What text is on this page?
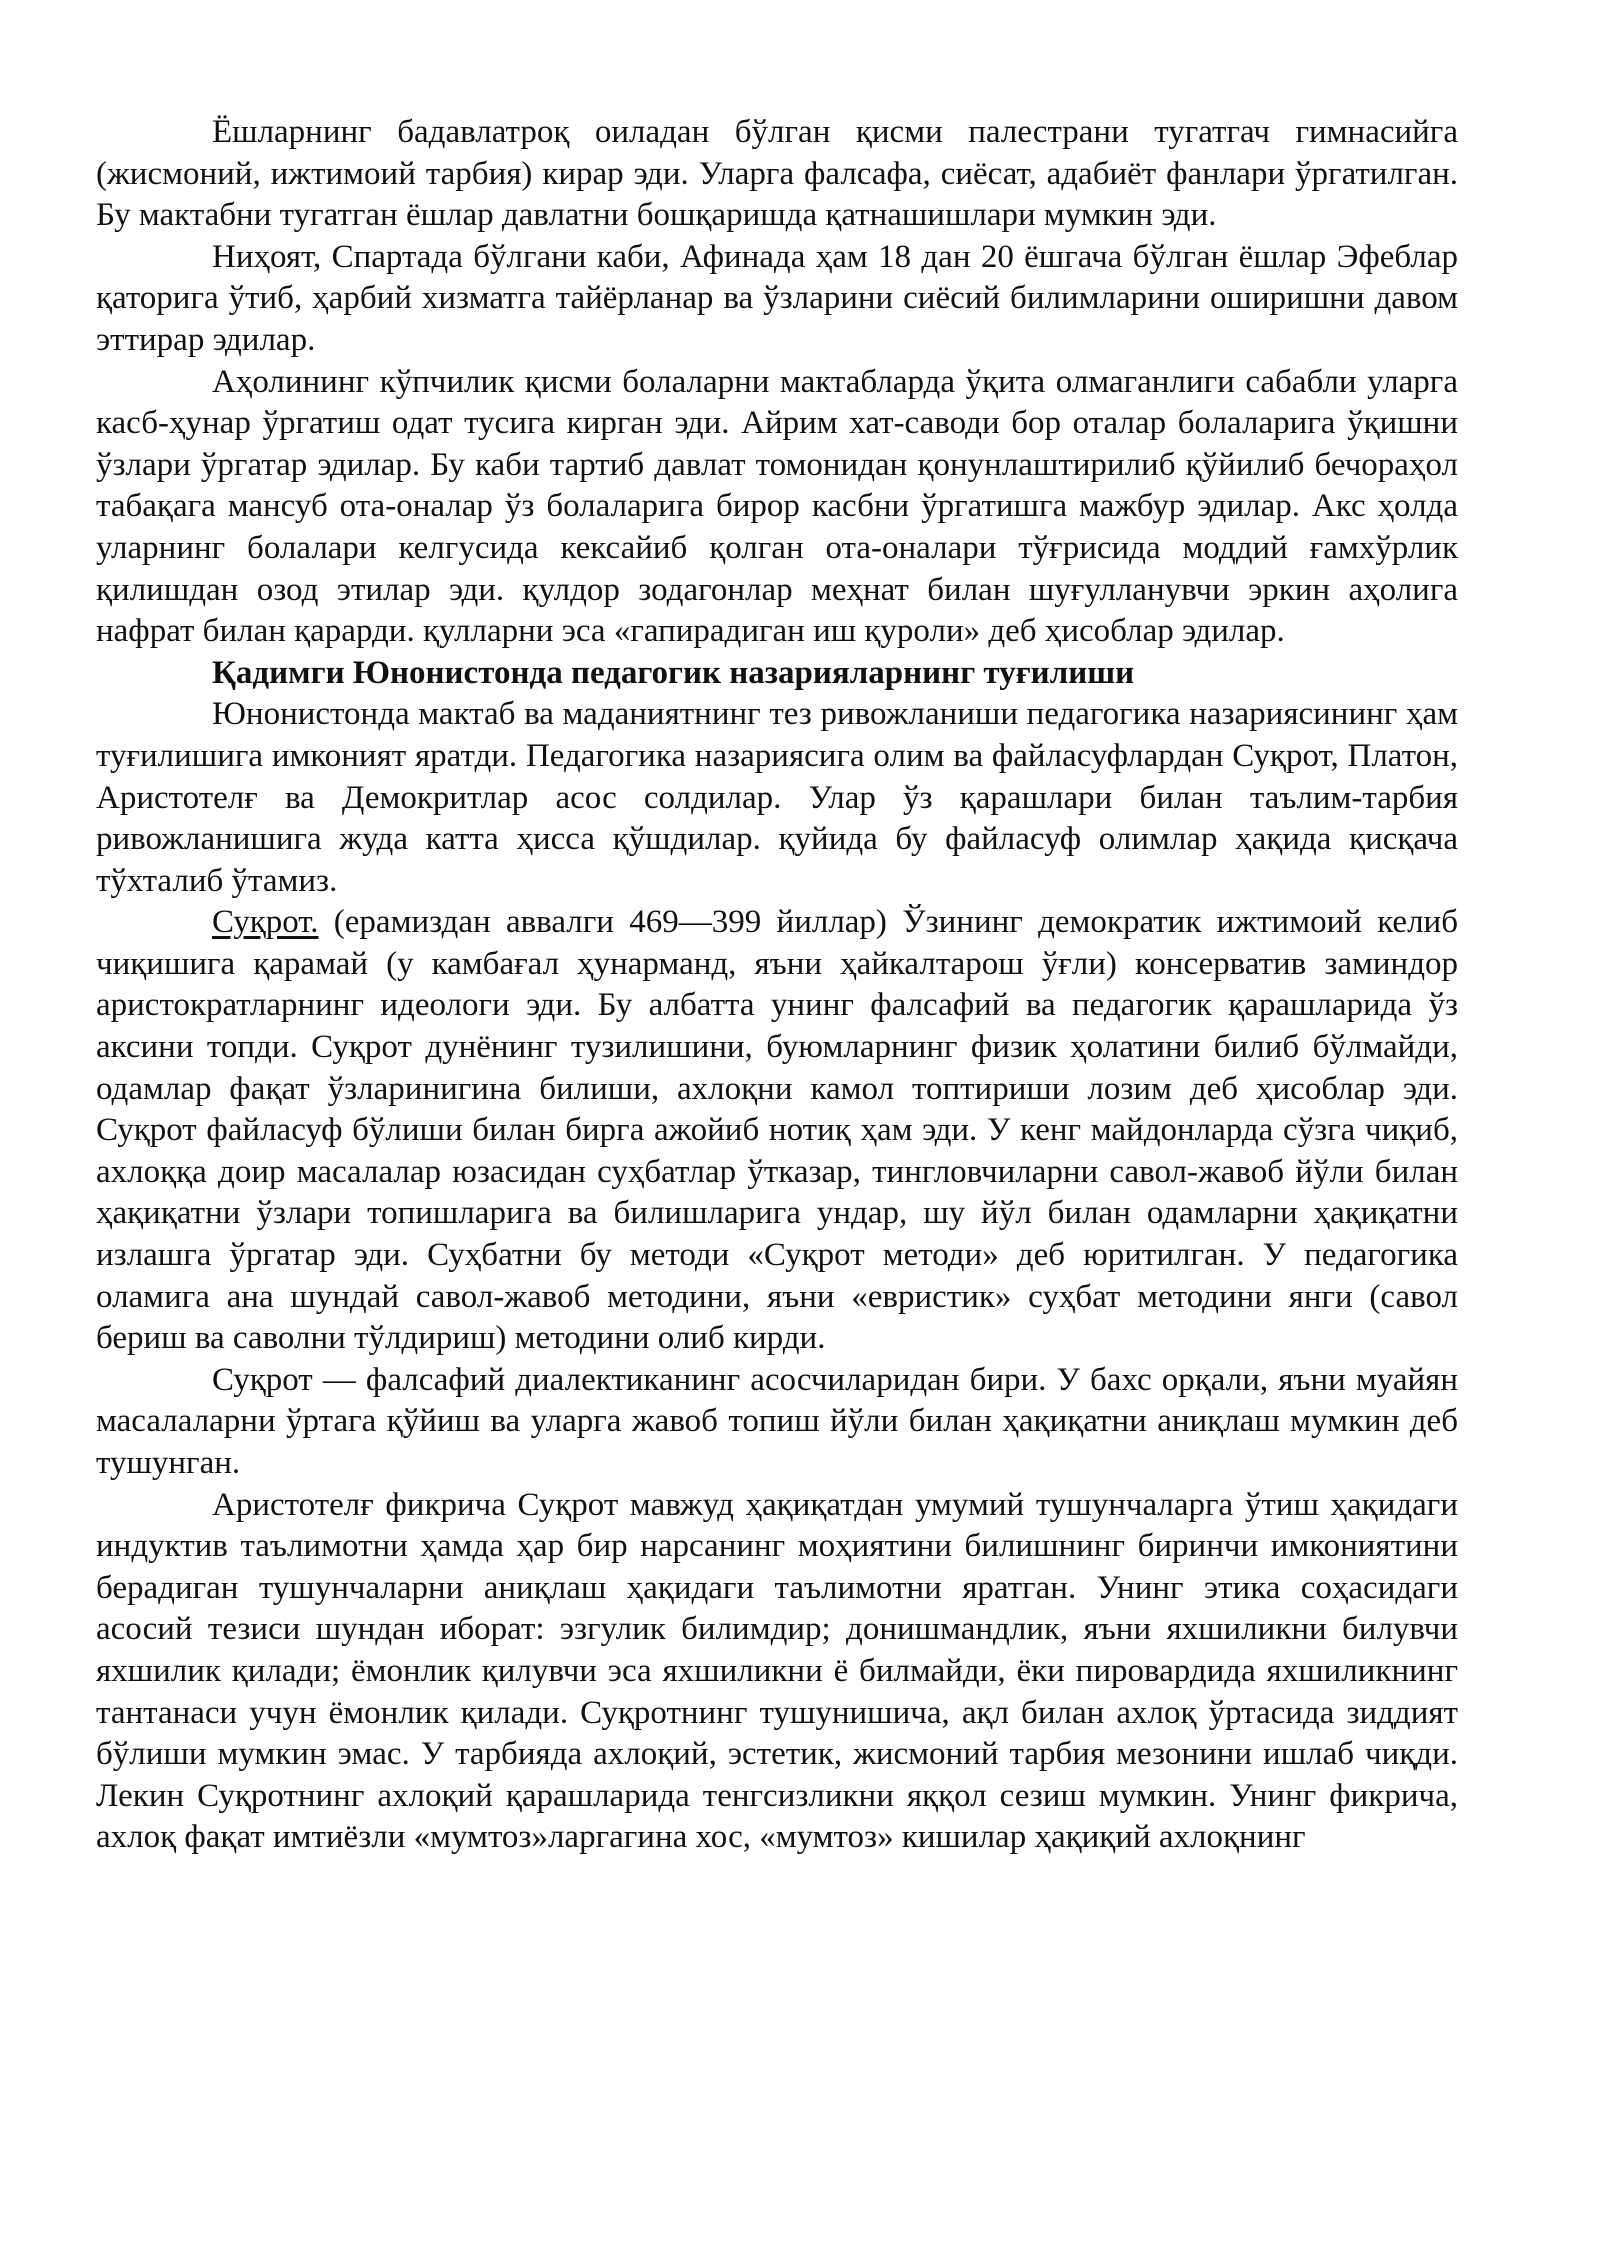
Ёшларнинг бадавлатроқ оиладан бўлган қисми палестрани тугатгач гимнасийга (жисмоний, ижтимоий тарбия) кирар эди. Уларга фалсафа, сиёсат, адабиёт фанлари ўргатилган. Бу мактабни тугатган ёшлар давлатни бошқаришда қатнашишлари мумкин эди.

Ниҳоят, Спартада бўлгани каби, Афинада ҳам 18 дан 20 ёшгача бўлган ёшлар Эфеблар қаторига ўтиб, ҳарбий хизматга тайёрланар ва ўзларини сиёсий билимларини оширишни давом эттирар эдилар.

Аҳолининг кўпчилик қисми болаларни мактабларда ўқита олмаганлиги сабабли уларга касб-ҳунар ўргатиш одат тусига кирган эди. Айрим хат-саводи бор оталар болаларига ўқишни ўзлари ўргатар эдилар. Бу каби тартиб давлат томонидан қонунлаштирилиб қўйилиб бечораҳол табақага мансуб ота-оналар ўз болаларига бирор касбни ўргатишга мажбур эдилар. Акс ҳолда уларнинг болалари келгусида кексайиб қолган ота-оналари тўғрисида моддий ғамхўрлик қилишдан озод этилар эди. қулдор зодагонлар меҳнат билан шуғулланувчи эркин аҳолига нафрат билан қарарди. қулларни эса «гапирадиган иш қуроли» деб ҳисоблар эдилар.

Қадимги Юнонистонда педагогик назарияларнинг туғилиши

Юнонистонда мактаб ва маданиятнинг тез ривожланиши педагогика назариясининг ҳам туғилишига имконият яратди. Педагогика назариясига олим ва файласуфлардан Суқрот, Платон, Аристотелғ ва Демокритлар асос солдилар. Улар ўз қарашлари билан таълим-тарбия ривожланишига жуда катта ҳисса қўшдилар. қуйида бу файласуф олимлар ҳақида қисқача тўхталиб ўтамиз.

Суқрот. (ерамиздан аввалги 469—399 йиллар) Ўзининг демократик ижтимоий келиб чиқишига қарамай (у камбағал ҳунарманд, яъни ҳайкалтарош ўғли) консерватив заминдор аристократларнинг идеологи эди. Бу албатта унинг фалсафий ва педагогик қарашларида ўз аксини топди. Суқрот дунёнинг тузилишини, буюмларнинг физик ҳолатини билиб бўлмайди, одамлар фақат ўзларинигина билиши, ахлоқни камол топтириши лозим деб ҳисоблар эди. Суқрот файласуф бўлиши билан бирга ажойиб нотиқ ҳам эди. У кенг майдонларда сўзга чиқиб, ахлоққа доир масалалар юзасидан суҳбатлар ўтказар, тингловчиларни савол-жавоб йўли билан ҳақиқатни ўзлари топишларига ва билишларига ундар, шу йўл билан одамларни ҳақиқатни излашга ўргатар эди. Суҳбатни бу методи «Суқрот методи» деб юритилган. У педагогика оламига ана шундай савол-жавоб методини, яъни «евристик» суҳбат методини янги (савол бериш ва саволни тўлдириш) методини олиб кирди.

Суқрот — фалсафий диалектиканинг асосчиларидан бири. У бахс орқали, яъни муайян масалаларни ўртага қўйиш ва уларга жавоб топиш йўли билан ҳақиқатни аниқлаш мумкин деб тушунган.

Аристотелғ фикрича Суқрот мавжуд ҳақиқатдан умумий тушунчаларга ўтиш ҳақидаги индуктив таълимотни ҳамда ҳар бир нарсанинг моҳиятини билишнинг биринчи имкониятини берадиган тушунчаларни аниқлаш ҳақидаги таълимотни яратган. Унинг этика соҳасидаги асосий тезиси шундан иборат: эзгулик билимдир; донишмандлик, яъни яхшиликни билувчи яхшилик қилади; ёмонлик қилувчи эса яхшиликни ё билмайди, ёки пировардида яхшиликнинг тантанаси учун ёмонлик қилади. Суқротнинг тушунишича, ақл билан ахлоқ ўртасида зиддият бўлиши мумкин эмас. У тарбияда ахлоқий, эстетик, жисмоний тарбия мезонини ишлаб чиқди. Лекин Суқротнинг ахлоқий қарашларида тенгсизликни яққол сезиш мумкин. Унинг фикрича, ахлоқ фақат имтиёзли «мумтоз»ларгагина хос, «мумтоз» кишилар ҳақиқий ахлоқнинг
